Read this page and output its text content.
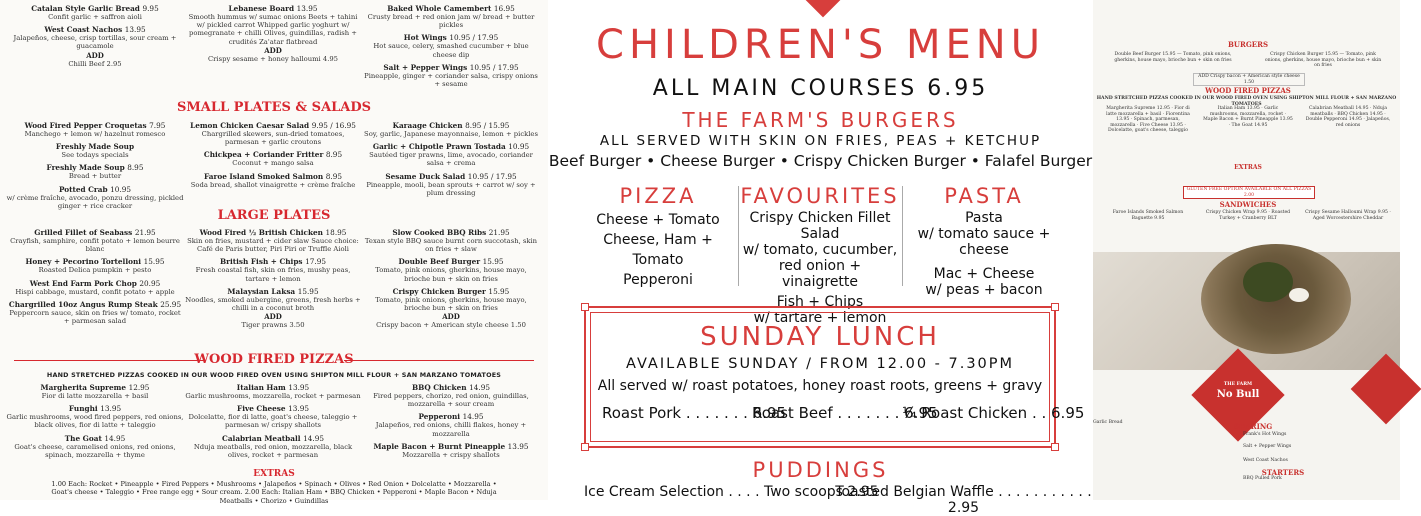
Catalan Style Garlic Bread 9.95
Confit garlic + saffron aioli
West Coast Nachos 13.95
Jalapeños, cheese, crisp tortillas, sour cream + guacamole
ADD
Chilli Beef 2.95
Lebanese Board 13.95
Smooth hummus w/ sumac onions Beets + tahini w/ pickled carrot Whipped garlic yoghurt w/ pomegranate + chilli Olives, guindillas, radish + crudités Za'atar flatbread
ADD
Crispy sesame + honey halloumi 4.95
Baked Whole Camembert 16.95
Crusty bread + red onion jam w/ bread + butter pickles
Hot Wings 10.95 / 17.95
Hot sauce, celery, smashed cucumber + blue cheese dip
Salt + Pepper Wings 10.95 / 17.95
Pineapple, ginger + coriander salsa, crispy onions + sesame
SMALL PLATES & SALADS
Wood Fired Pepper Croquetas 7.95
Manchego + lemon w/ hazelnut romesco
Freshly Made Soup
See todays specials
Freshly Made Soup 8.95
Bread + butter
Potted Crab 10.95
w/ crème fraîche, avocado, ponzu dressing, pickled ginger + rice cracker
Lemon Chicken Caesar Salad 9.95 / 16.95
Chargrilled skewers, sun-dried tomatoes, parmesan + garlic croutons
Chickpea + Coriander Fritter 8.95
Coconut + mango salsa
Faroe Island Smoked Salmon 8.95
Soda bread, shallot vinaigrette + crème fraîche
Karaage Chicken 8.95 / 15.95
Soy, garlic, Japanese mayonnaise, lemon + pickles
Garlic + Chipotle Prawn Tostada 10.95
Sautéed tiger prawns, lime, avocado, coriander salsa + crema
Sesame Duck Salad 10.95 / 17.95
Pineapple, mooli, bean sprouts + carrot w/ soy + plum dressing
LARGE PLATES
Grilled Fillet of Seabass 21.95
Crayfish, samphire, confit potato + lemon beurre blanc
Honey + Pecorino Tortelloni 15.95
Roasted Delica pumpkin + pesto
West End Farm Pork Chop 20.95
Hispi cabbage, mustard, confit potato + apple
Chargrilled 10oz Angus Rump Steak 25.95
Peppercorn sauce, skin on fries w/ tomato, rocket + parmesan salad
Wood Fired ½ British Chicken 18.95
Skin on fries, mustard + cider slaw Sauce choice: Café de Paris butter, Piri Piri or Truffle Aioli
British Fish + Chips 17.95
Fresh coastal fish, skin on fries, mushy peas, tartare + lemon
Malaysian Laksa 15.95
Noodles, smoked aubergine, greens, fresh herbs + chilli in a coconut broth
ADD
Tiger prawns 3.50
Slow Cooked BBQ Ribs 21.95
Texan style BBQ sauce burnt corn succotash, skin on fries + slaw
Double Beef Burger 15.95
Tomato, pink onions, gherkins, house mayo, brioche bun + skin on fries
Crispy Chicken Burger 15.95
Tomato, pink onions, gherkins, house mayo, brioche bun + skin on fries
ADD
Crispy bacon + American style cheese 1.50
WOOD FIRED PIZZAS
HAND STRETCHED PIZZAS COOKED IN OUR WOOD FIRED OVEN USING SHIPTON MILL FLOUR + SAN MARZANO TOMATOES
Margherita Supreme 12.95
Fior di latte mozzarella + basil
Funghi 13.95
Garlic mushrooms, wood fired peppers, red onions, black olives, fior di latte + taleggio
The Goat 14.95
Goat's cheese, caramelised onions, red onions, spinach, mozzarella + thyme
Italian Ham 13.95
Garlic mushrooms, mozzarella, rocket + parmesan
Five Cheese 13.95
Dolcelatte, fior di latte, goat's cheese, taleggio + parmesan w/ crispy shallots
Calabrian Meatball 14.95
Nduja meatballs, red onion, mozzarella, black olives, rocket + parmesan
BBQ Chicken 14.95
Fired peppers, chorizo, red onion, guindillas, mozzarella + sour cream
Pepperoni 14.95
Jalapeños, red onions, chilli flakes, honey + mozzarella
Maple Bacon + Burnt Pineapple 13.95
Mozzarella + crispy shallots
EXTRAS
1.00 Each: Rocket • Pineapple • Fired Peppers • Mushrooms • Jalapeños • Spinach • Olives • Red Onion • Dolcelatte • Mozzarella • Goat's cheese • Taleggio • Free range egg • Sour cream. 2.00 Each: Italian Ham • BBQ Chicken • Pepperoni • Maple Bacon • Nduja Meatballs • Chorizo • Guindillas
CHILDREN'S MENU
ALL MAIN COURSES 6.95
THE FARM'S BURGERS
ALL SERVED WITH SKIN ON FRIES, PEAS + KETCHUP
Beef Burger • Cheese Burger • Crispy Chicken Burger • Falafel Burger
PIZZA
Cheese + Tomato
Cheese, Ham + Tomato
Pepperoni
FAVOURITES
Crispy Chicken Fillet Salad
w/ tomato, cucumber, red onion + vinaigrette
Fish + Chips
w/ tartare + lemon
PASTA
Pasta
w/ tomato sauce + cheese
Mac + Cheese
w/ peas + bacon
SUNDAY LUNCH
AVAILABLE SUNDAY / FROM 12.00 - 7.30PM
All served w/ roast potatoes, honey roast roots, greens + gravy
Roast Pork . . . . . . . 6.95
Roast Beef . . . . . . . 6.95
¼ Roast Chicken . . 6.95
PUDDINGS
Ice Cream Selection . . . . Two scoops 2.95
Toasted Belgian Waffle . . . . . . . . . . . 2.95
BURGERS
Double Beef Burger 15.95 — Tomato, pink onions, gherkins, house mayo, brioche bun + skin on fries
Crispy Chicken Burger 15.95 — Tomato, pink onions, gherkins, house mayo, brioche bun + skin on fries
ADD Crispy bacon + American style cheese 1.50
WOOD FIRED PIZZAS
HAND STRETCHED PIZZAS COOKED IN OUR WOOD FIRED OVEN USING SHIPTON MILL FLOUR + SAN MARZANO TOMATOES
Margherita Supreme 12.95 · Fior di latte mozzarella + basil · Fiorentina 13.95 · Spinach, parmesan, mozzarella · Five Cheese 13.95 · Dolcelatte, goat's cheese, taleggio
Italian Ham 13.95 · Garlic mushrooms, mozzarella, rocket · Maple Bacon + Burnt Pineapple 13.95 · The Goat 14.95
Calabrian Meatball 14.95 · Nduja meatballs · BBQ Chicken 14.95 · Double Pepperoni 14.95 · Jalapeños, red onions
EXTRAS
GLUTEN FREE OPTION AVAILABLE ON ALL PIZZAS 2.00
SANDWICHES
Faroe Islands Smoked Salmon Baguette 9.95
Crispy Chicken Wrap 9.95 · Roasted Turkey + Cranberry BLT
Crispy Sesame Halloumi Wrap 9.95 · Aged Worcestershire Cheddar
THE FARM
No Bull
SHARING
Garlic Bread
Frank's Hot Wings
Salt + Pepper Wings
West Coast Nachos
STARTERS
BBQ Pulled Pork
